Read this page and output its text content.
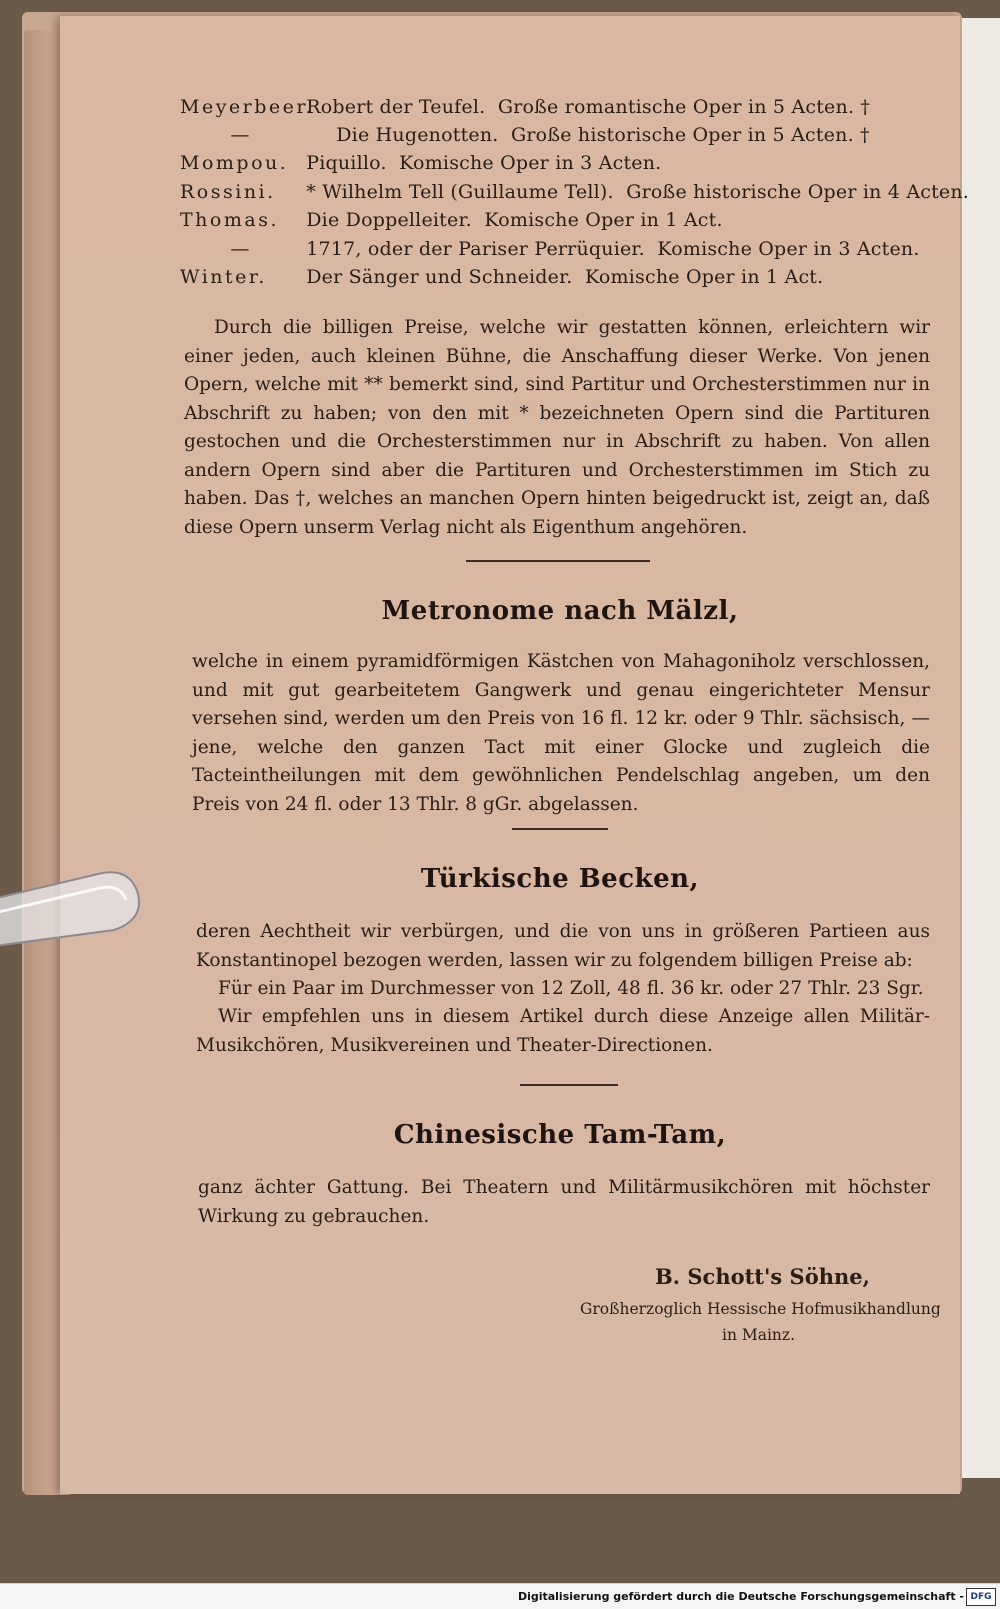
Meyerbeer. Robert der Teufel. Große romantische Oper in 5 Acten. †
—	Die Hugenotten. Große historische Oper in 5 Acten. †
Mompou. Piquillo. Komische Oper in 3 Acten.
Rossini. * Wilhelm Tell (Guillaume Tell). Große historische Oper in 4 Acten.
Thomas. Die Doppelleiter. Komische Oper in 1 Act.
—	1717, oder der Pariser Perrüquier. Komische Oper in 3 Acten.
Winter. Der Sänger und Schneider. Komische Oper in 1 Act.
Durch die billigen Preise, welche wir gestatten können, erleichtern wir einer jeden, auch kleinen Bühne, die Anschaffung dieser Werke. Von jenen Opern, welche mit ** bemerkt sind, sind Partitur und Orchesterstimmen nur in Abschrift zu haben; von den mit * bezeichneten Opern sind die Partituren gestochen und die Orchesterstimmen nur in Abschrift zu haben. Von allen andern Opern sind aber die Partituren und Orchesterstimmen im Stich zu haben. Das †, welches an manchen Opern hinten beigedruckt ist, zeigt an, daß diese Opern unserm Verlag nicht als Eigenthum angehören.
Metronome nach Mälzl,
welche in einem pyramidförmigen Kästchen von Mahagoniholz verschlossen, und mit gut gearbeitetem Gangwerk und genau eingerichteter Mensur versehen sind, werden um den Preis von 16 fl. 12 kr. oder 9 Thlr. sächsisch, — jene, welche den ganzen Tact mit einer Glocke und zugleich die Tacteintheilungen mit dem gewöhnlichen Pendelschlag angeben, um den Preis von 24 fl. oder 13 Thlr. 8 gGr. abgelassen.
Türkische Becken,
deren Aechtheit wir verbürgen, und die von uns in größeren Partieen aus Konstantinopel bezogen werden, lassen wir zu folgendem billigen Preise ab:
Für ein Paar im Durchmesser von 12 Zoll, 48 fl. 36 kr. oder 27 Thlr. 23 Sgr.
Wir empfehlen uns in diesem Artikel durch diese Anzeige allen Militär-Musikchören, Musikvereinen und Theater-Directionen.
Chinesische Tam-Tam,
ganz ächter Gattung. Bei Theatern und Militärmusikchören mit höchster Wirkung zu gebrauchen.
B. Schott's Söhne,
Großherzoglich Hessische Hofmusikhandlung
in Mainz.
Digitalisierung gefördert durch die Deutsche Forschungsgemeinschaft - DFG
